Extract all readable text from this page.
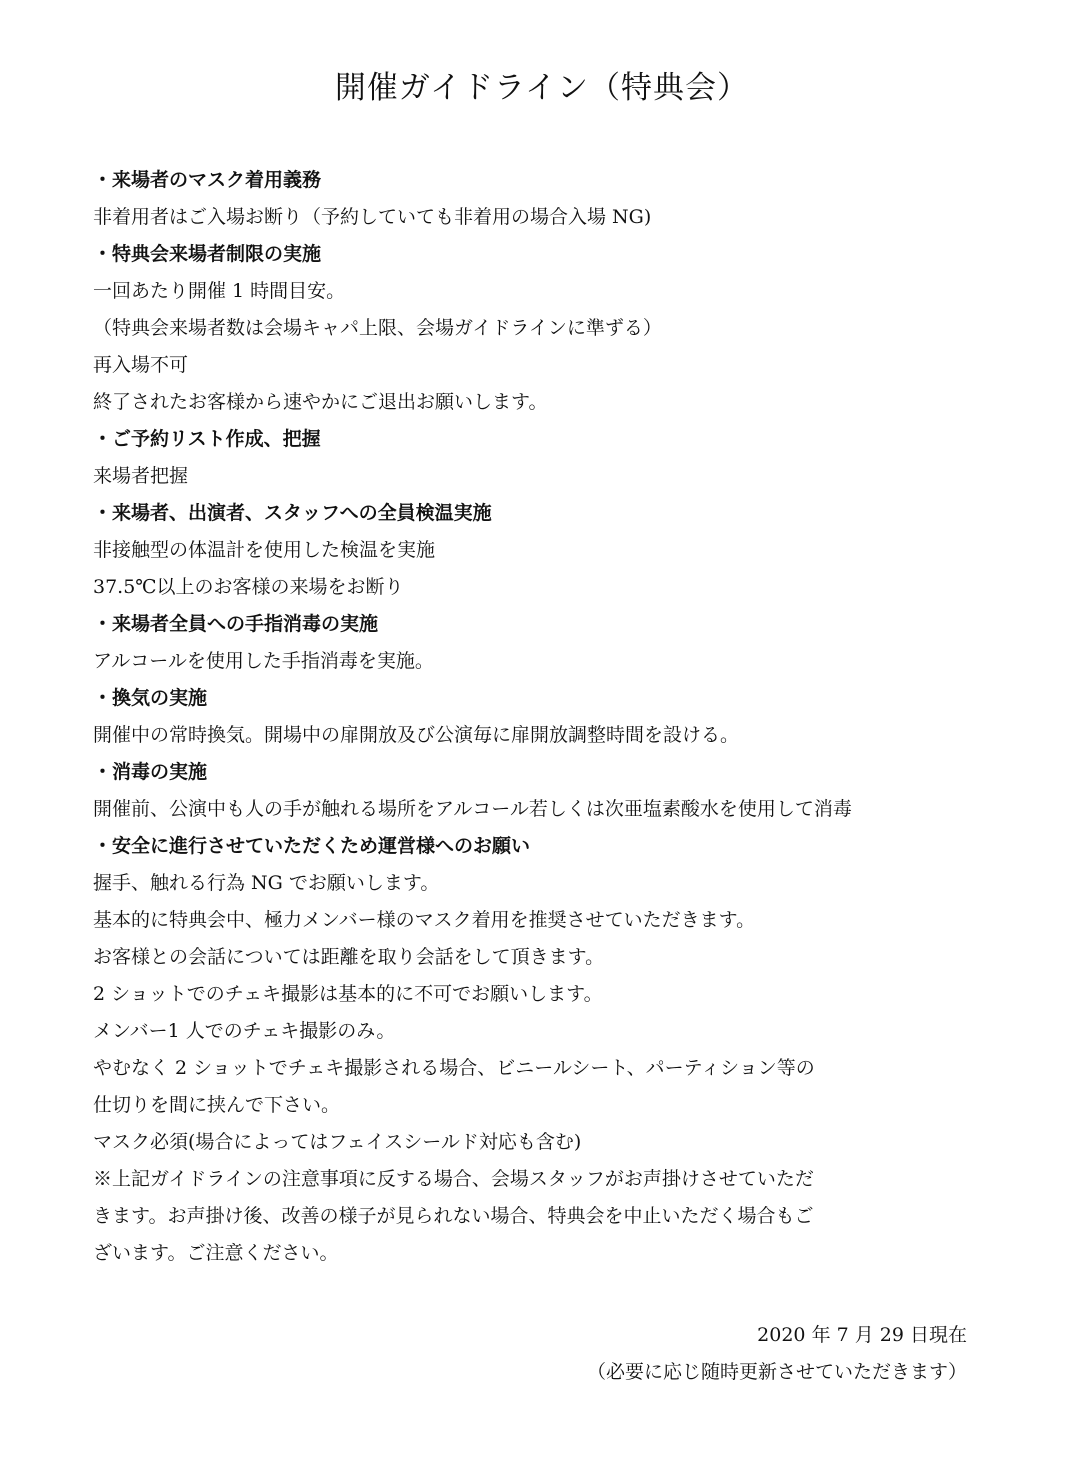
開催ガイドライン（特典会）
・来場者のマスク着用義務
非着用者はご入場お断り（予約していても非着用の場合入場 NG)
・特典会来場者制限の実施
一回あたり開催 1 時間目安。
（特典会来場者数は会場キャパ上限、会場ガイドラインに準ずる）
再入場不可
終了されたお客様から速やかにご退出お願いします。
・ご予約リスト作成、把握
来場者把握
・来場者、出演者、スタッフへの全員検温実施
非接触型の体温計を使用した検温を実施
37.5℃以上のお客様の来場をお断り
・来場者全員への手指消毒の実施
アルコールを使用した手指消毒を実施。
・換気の実施
開催中の常時換気。開場中の扉開放及び公演毎に扉開放調整時間を設ける。
・消毒の実施
開催前、公演中も人の手が触れる場所をアルコール若しくは次亜塩素酸水を使用して消毒
・安全に進行させていただくため運営様へのお願い
握手、触れる行為 NG でお願いします。
基本的に特典会中、極力メンバー様のマスク着用を推奨させていただきます。
お客様との会話については距離を取り会話をして頂きます。
2 ショットでのチェキ撮影は基本的に不可でお願いします。
メンバー1 人でのチェキ撮影のみ。
やむなく 2 ショットでチェキ撮影される場合、ビニールシート、パーティション等の
仕切りを間に挟んで下さい。
マスク必須(場合によってはフェイスシールド対応も含む)
※上記ガイドラインの注意事項に反する場合、会場スタッフがお声掛けさせていただ
きます。お声掛け後、改善の様子が見られない場合、特典会を中止いただく場合もご
ざいます。ご注意ください。
2020 年 7 月 29 日現在
（必要に応じ随時更新させていただきます）
